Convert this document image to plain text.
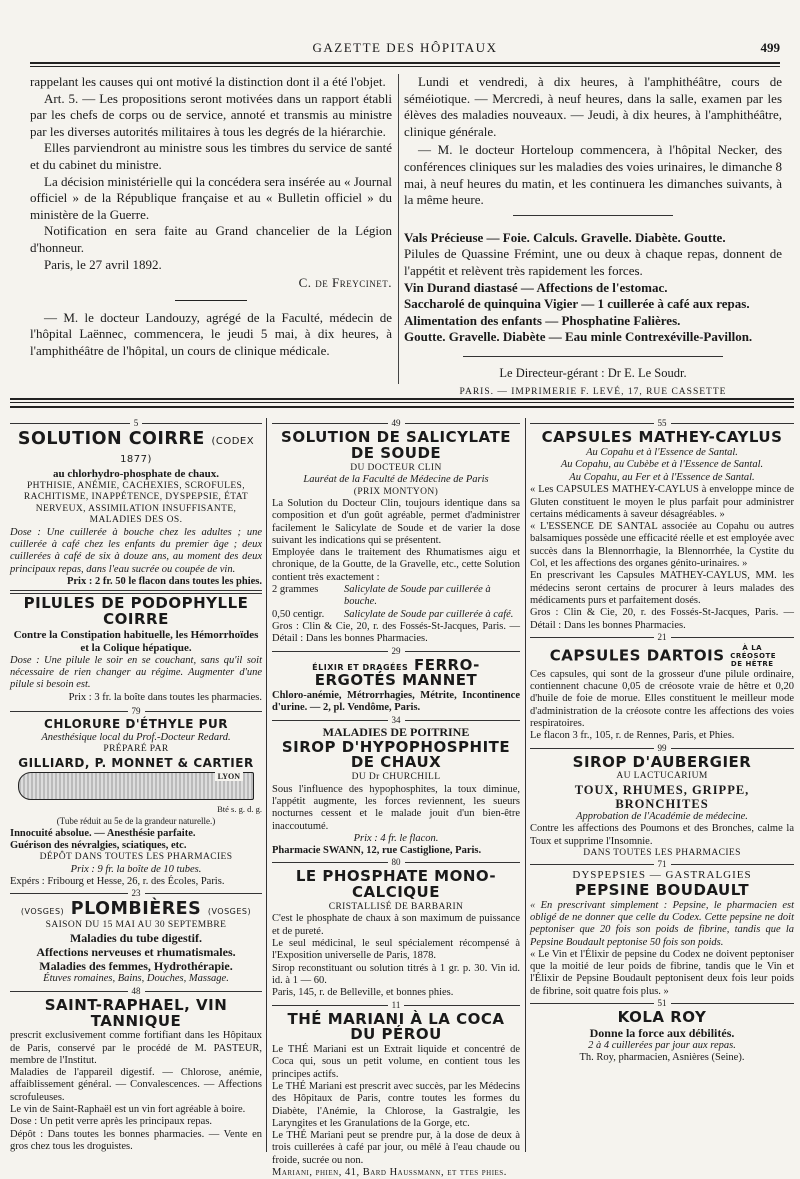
GAZETTE DES HÔPITAUX	499

rappelant les causes qui ont motivé la distinction dont il a été l'objet.

Art. 5. — Les propositions seront motivées dans un rapport établi par les chefs de corps ou de service, annoté et transmis au ministre par les diverses autorités militaires à tous les degrés de la hiérarchie.

Elles parviendront au ministre sous les timbres du service de santé et du cabinet du ministre.

La décision ministérielle qui la concédera sera insérée au « Journal officiel » de la République française et au « Bulletin officiel » du ministère de la Guerre.

Notification en sera faite au Grand chancelier de la Légion d'honneur.

Paris, le 27 avril 1892.

C. de Freycinet.

— M. le docteur Landouzy, agrégé de la Faculté, médecin de l'hôpital Laënnec, commencera, le jeudi 5 mai, à dix heures, à l'amphithéâtre de l'hôpital, un cours de clinique médicale.

Lundi et vendredi, à dix heures, à l'amphithéâtre, cours de séméiotique. — Mercredi, à neuf heures, dans la salle, examen par les élèves des maladies nouveaux. — Jeudi, à dix heures, à l'amphithéâtre, clinique générale.

— M. le docteur Horteloup commencera, à l'hôpital Necker, des conférences cliniques sur les maladies des voies urinaires, le dimanche 8 mai, à neuf heures du matin, et les continuera les dimanches suivants, à la même heure.

Vals Précieuse — Foie. Calculs. Gravelle. Diabète. Goutte.

Pilules de Quassine Frémint, une ou deux à chaque repas, donnent de l'appétit et relèvent très rapidement les forces.

Vin Durand diastasé — Affections de l'estomac.

Saccharolé de quinquina Vigier — 1 cuillerée à café aux repas.

Alimentation des enfants — Phosphatine Falières.

Goutte. Gravelle. Diabète — Eau minle Contrexéville-Pavillon.

Le Directeur-gérant : Dr E. Le Soudr.
PARIS. — IMPRIMERIE F. LEVÉ, 17, RUE CASSETTE
5
SOLUTION COIRRE (CODEX 1877)
au chlorhydro-phosphate de chaux.
PHTHISIE, ANÉMIE, CACHEXIES, SCROFULES, RACHITISME, INAPPÉTENCE, DYSPEPSIE, ÉTAT NERVEUX, ASSIMILATION INSUFFISANTE, MALADIES DES OS.
Dose : Une cuillerée à bouche chez les adultes ; une cuillerée à café chez les enfants du premier âge ; deux cuillerées à café de six à douze ans, au moment des deux principaux repas, dans l'eau sucrée ou coupée de vin.
Prix : 2 fr. 50 le flacon dans toutes les phies.
PILULES DE PODOPHYLLE COIRRE
Contre la Constipation habituelle, les Hémorrhoïdes et la Colique hépatique.
Dose : Une pilule le soir en se couchant, sans qu'il soit nécessaire de rien changer au régime. Augmenter d'une pilule si besoin est.
Prix : 3 fr. la boîte dans toutes les pharmacies.
79
CHLORURE D'ÉTHYLE PUR
Anesthésique local du Prof.-Docteur Redard.
PRÉPARÉ PAR
GILLIARD, P. MONNET & CARTIER
LYON
Bté s. g. d. g.
(Tube réduit au 5e de la grandeur naturelle.)
Innocuité absolue. — Anesthésie parfaite.
Guérison des névralgies, sciatiques, etc.
DÉPÔT DANS TOUTES LES PHARMACIES
Prix : 9 fr. la boîte de 10 tubes.
Expérs : Fribourg et Hesse, 26, r. des Écoles, Paris.
23
(VOSGES) PLOMBIÈRES (VOSGES)
SAISON DU 15 MAI AU 30 SEPTEMBRE
Maladies du tube digestif.
Affections nerveuses et rhumatismales.
Maladies des femmes, Hydrothérapie.
Étuves romaines, Bains, Douches, Massage.
48
SAINT-RAPHAEL, VIN TANNIQUE
prescrit exclusivement comme fortifiant dans les Hôpitaux de Paris, conservé par le procédé de M. PASTEUR, membre de l'Institut.
Maladies de l'appareil digestif. — Chlorose, anémie, affaiblissement général. — Convalescences. — Affections scrofuleuses.
Le vin de Saint-Raphaël est un vin fort agréable à boire.
Dose : Un petit verre après les principaux repas.
Dépôt : Dans toutes les bonnes pharmacies. — Vente en gros chez tous les droguistes.
49
SOLUTION DE SALICYLATE DE SOUDE
DU DOCTEUR CLIN
Lauréat de la Faculté de Médecine de Paris
(PRIX MONTYON)
La Solution du Docteur Clin, toujours identique dans sa composition et d'un goût agréable, permet d'administrer facilement le Salicylate de Soude et de varier la dose suivant les indications qui se présentent.
Employée dans le traitement des Rhumatismes aigu et chronique, de la Goutte, de la Gravelle, etc., cette Solution contient très exactement :
2 grammes	Salicylate de Soude par cuillerée à bouche.
0,50 centigr.	Salicylate de Soude par cuillerée à café.
Gros : Clin & Cie, 20, r. des Fossés-St-Jacques, Paris. — Détail : Dans les bonnes Pharmacies.
29
ÉLIXIR ET DRAGÉES FERRO-ERGOTÉS MANNET
Chloro-anémie, Métrorrhagies, Métrite, Incontinence d'urine. — 2, pl. Vendôme, Paris.
34
MALADIES DE POITRINE
SIROP D'HYPOPHOSPHITE DE CHAUX
DU Dr CHURCHILL
Sous l'influence des hypophosphites, la toux diminue, l'appétit augmente, les forces reviennent, les sueurs nocturnes cessent et le malade jouit d'un bien-être inaccoutumé.
Prix : 4 fr. le flacon.
Pharmacie SWANN, 12, rue Castiglione, Paris.
80
LE PHOSPHATE MONO-CALCIQUE
CRISTALLISÉ DE BARBARIN
C'est le phosphate de chaux à son maximum de puissance et de pureté.
Le seul médicinal, le seul spécialement récompensé à l'Exposition universelle de Paris, 1878.
Sirop reconstituant ou solution titrés à 1 gr. p. 30. Vin id. id. à 1 — 60.
Paris, 145, r. de Belleville, et bonnes phies.
11
THÉ MARIANI À LA COCA DU PÉROU
Le THÉ Mariani est un Extrait liquide et concentré de Coca qui, sous un petit volume, en contient tous les principes actifs.
Le THÉ Mariani est prescrit avec succès, par les Médecins des Hôpitaux de Paris, contre toutes les formes du Diabète, l'Anémie, la Chlorose, la Gastralgie, les Laryngites et les Granulations de la Gorge, etc.
Le THÉ Mariani peut se prendre pur, à la dose de deux à trois cuillerées à café par jour, ou mêlé à l'eau chaude ou froide, sucrée ou non.
Mariani, phien, 41, Bard Haussmann, et ttes phies.
55
CAPSULES MATHEY-CAYLUS
Au Copahu et à l'Essence de Santal.
Au Copahu, au Cubèbe et à l'Essence de Santal.
Au Copahu, au Fer et à l'Essence de Santal.
« Les CAPSULES MATHEY-CAYLUS à enveloppe mince de Gluten constituent le moyen le plus parfait pour administrer certains médicaments à saveur désagréables. »
« L'ESSENCE DE SANTAL associée au Copahu ou autres balsamiques possède une efficacité réelle et est employée avec succès dans la Blennorrhagie, la Blennorrhée, la Cystite du Col, et les affections des organes génito-urinaires. »
En prescrivant les Capsules MATHEY-CAYLUS, MM. les médecins seront certains de procurer à leurs malades des médicaments purs et parfaitement dosés.
Gros : Clin & Cie, 20, r. des Fossés-St-Jacques, Paris. — Détail : Dans les bonnes Pharmacies.
21
CAPSULES DARTOIS	À LA CRÉOSOTE DE HÊTRE
Ces capsules, qui sont de la grosseur d'une pilule ordinaire, contiennent chacune 0,05 de créosote vraie de hêtre et 0,20 d'huile de foie de morue. Elles constituent le meilleur mode d'administration de la créosote contre les affections des voies respiratoires.
Le flacon 3 fr., 105, r. de Rennes, Paris, et Phies.
99
SIROP D'AUBERGIER
AU LACTUCARIUM
TOUX, RHUMES, GRIPPE, BRONCHITES
Approbation de l'Académie de médecine.
Contre les affections des Poumons et des Bronches, calme la Toux et supprime l'Insomnie.
DANS TOUTES LES PHARMACIES
71
DYSPEPSIES — GASTRALGIES
PEPSINE BOUDAULT
« En prescrivant simplement : Pepsine, le pharmacien est obligé de ne donner que celle du Codex. Cette pepsine ne doit peptoniser que 20 fois son poids de fibrine, tandis que la Pepsine Boudault peptonise 50 fois son poids.
« Le Vin et l'Élixir de pepsine du Codex ne doivent peptoniser que la moitié de leur poids de fibrine, tandis que le Vin et l'Élixir de Pepsine Boudault peptonisent deux fois leur poids de fibrine, soit quatre fois plus. »
51
KOLA ROY
Donne la force aux débilités.
2 à 4 cuillerées par jour aux repas.
Th. Roy, pharmacien, Asnières (Seine).
